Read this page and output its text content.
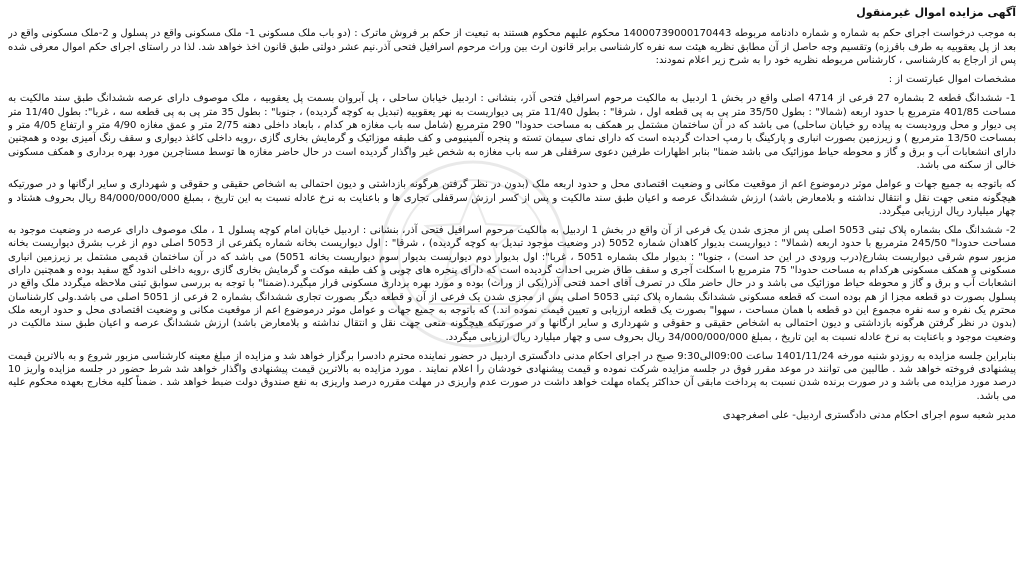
آگهی مزایده اموال غیرمنقول
به موجب درخواست اجرای حکم به شماره و شماره دادنامه مربوطه 14000739000170443 محکوم علیهم محکوم هستند به تبعیت از حکم بر فروش ماترک : (دو باب ملک مسکونی 1- ملک مسکونی واقع در پسلول و 2-ملک مسکونی واقع در بعد از پل یعقوبیه به طرف باقرزه) وتقسیم وجه حاصل از آن مطابق نظریه هیئت سه نفره کارشناسی برابر قانون ارث بین وراث مرحوم اسرافیل فتحی آذر.نیم عشر دولتی طبق قانون اخذ خواهد شد. لذا در راستای اجرای حکم اموال معرفی شده پس از ارجاع به کارشناسی ، کارشناس مربوطه نظریه خود را به شرح زیر اعلام نمودند:
مشخصات اموال عبارتست از :
1- ششدانگ قطعه 2 بشماره 27 فرعی از 4714 اصلی واقع در بخش 1 اردبیل به مالکیت مرحوم اسرافیل فتحی آذر، بنشانی : اردبیل خیابان ساحلی ، پل آبروان بسمت پل یعقوبیه ، ملک موصوف دارای عرصه ششدانگ طبق سند مالکیت به مساحت 401/85 مترمربع با حدود اربعه (شمالا" : بطول 35/50 متر پی به پی قطعه اول ، شرقا" : بطول 11/40 متر پی دیواریست به نهر یعقوبیه (تبدیل به کوچه گردیده) ، جنوبا" : بطول 35 متر پی به پی قطعه سه ، غربا": بطول 11/40 متر پی دیوار و محل ورودیست به پیاده رو خیابان ساحلی) می باشد که در آن ساختمان مشتمل بر همکف به مساحت حدودا" 290 مترمربع (شامل سه باب مغازه هر کدام ، بابعاد داخلی دهنه 2/75 متر و عمق مغازه 4/90 متر و ارتفاع 4/05 متر و بمساحت 13/50 مترمربع ) و زیرزمین بصورت انباری و پارکینگ با رمپ احداث گردیده است که دارای نمای سیمان تسته و پنجره آلمینیومی و کف طبقه موزائیک و گرمایش بخاری گازی ،رویه داخلی کاغذ دیواری و سقف رنگ آمیزی بوده و همچنین دارای انشعابات آب و برق و گاز و محوطه حیاط موزائیک می باشد ضمنا" بنابر اظهارات طرفین دعوی سرقفلی هر سه باب مغازه به شخص غیر واگذار گردیده است در حال حاضر مغازه ها توسط مستاجرین مورد بهره برداری و همکف مسکونی خالی از سکنه می باشد.
که باتوجه به جمیع جهات و عوامل موثر درموضوع اعم از موقعیت مکانی و وضعیت اقتصادی محل و حدود اربعه ملک (بدون در نظر گرفتن هرگونه بازداشتی و دیون احتمالی به اشخاص حقیقی و حقوقی و شهرداری و سایر ارگانها و در صورتیکه هیچگونه منعی جهت نقل و انتقال نداشته و بلامعارض باشد) ارزش ششدانگ عرصه و اعیان طبق سند مالکیت و پس از کسر ارزش سرقفلی تجاری ها و باعنایت به نرخ عادله نسبت به این تاریخ ، بمبلغ 84/000/000/000 ریال بحروف هشتاد و چهار میلیارد ریال ارزیابی میگردد.
2- ششدانگ ملک بشماره پلاک ثبتی 5053 اصلی پس از مجزی شدن یک فرعی از آن واقع در بخش 1 اردبیل به مالکیت مرحوم اسرافیل فتحی آذر، بنشانی : اردبیل خیابان امام کوچه پسلول 1 ، ملک موصوف دارای عرصه در وضعیت موجود به مساحت حدودا" 245/50 مترمربع با حدود اربعه (شمالا" : دیواریست بدیوار کاهدان شماره 5052 (در وضعیت موجود تبدیل به کوچه گردیده) ، شرقا" : اول دیواریست بخانه شماره یکفرعی از 5053 اصلی دوم از غرب بشرق دیواریست بخانه مزبور سوم شرقی دیواریست بشارع(درب ورودی در این حد است) ، جنوبا" : بدیوار ملک بشماره 5051 ، غربا": اول بدیوار دوم دیواریست بدیوار سوم دیواریست بخانه 5051) می باشد که در آن ساختمان قدیمی مشتمل بر زیرزمین انباری مسکونی و همکف مسکونی هرکدام به مساحت حدودا" 75 مترمربع با اسکلت آجری و سقف طاق ضربی احداث گردیده است که دارای پنجره های چوبی و کف طبقه موکت و گرمایش بخاری گازی ،رویه داخلی اندود گچ سفید بوده و همچنین دارای انشعابات آب و برق و گاز و محوطه حیاط موزائیک می باشد و در حال حاضر ملک در تصرف آقای احمد فتحی آذر(یکی از وراث) بوده و مورد بهره برداری مسکونی قرار میگیرد.(ضمنا" با توجه به بررسی سوابق ثبتی ملاحظه میگردد ملک واقع در پسلول بصورت دو قطعه مجزا از هم بوده است که قطعه مسکونی ششدانگ بشماره پلاک ثبتی 5053 اصلی پس از مجزی شدن یک فرعی از آن و قطعه دیگر بصورت تجاری ششدانگ بشماره 2 فرعی از 5051 اصلی می باشد.ولی کارشناسان محترم یک نفره و سه نفره مجموع این دو قطعه با همان مساحت ، سهوا" بصورت یک قطعه ارزیابی و تعیین قیمت نموده اند.) که باتوجه به جمیع جهات و عوامل موثر درموضوع اعم از موقعیت مکانی و وضعیت اقتصادی محل و حدود اربعه ملک (بدون در نظر گرفتن هرگونه بازداشتی و دیون احتمالی به اشخاص حقیقی و حقوقی و شهرداری و سایر ارگانها و در صورتیکه هیچگونه منعی جهت نقل و انتقال نداشته و بلامعارض باشد) ارزش ششدانگ عرصه و اعیان طبق سند مالکیت در وضعیت موجود و باعنایت به نرخ عادله نسبت به این تاریخ ، بمبلغ 34/000/000/000 ریال بحروف سی و چهار میلیارد ریال ارزیابی میگردد.
بنابراین جلسه مزایده به روزدو شنبه مورخه 1401/11/24 ساعت 09:00الی9:30 صبح در اجرای احکام مدنی دادگستری اردبیل در حضور نماینده محترم دادسرا برگزار خواهد شد و مزایده از مبلغ معینه کارشناسی مزبور شروع و به بالاترین قیمت پیشنهادی فروخته خواهد شد . طالبین می توانند در موعد مقرر فوق در جلسه مزایده شرکت نموده و قیمت پیشنهادی خودشان را اعلام نمایند . مورد مزایده به بالاترین قیمت پیشنهادی واگذار خواهد شد شرط حضور در جلسه مزایده واریز 10 درصد مورد مزایده می باشد و در صورت برنده شدن نسبت به پرداخت مابقی آن حداکثر یکماه مهلت خواهد داشت در صورت عدم واریزی در مهلت مقرره درصد واریزی به نفع صندوق دولت ضبط خواهد شد . ضمناً کلیه مخارج بعهده محکوم علیه می باشد.
مدیر شعبه سوم اجرای احکام مدنی دادگستری اردبیل- علی اصغرجهدی
